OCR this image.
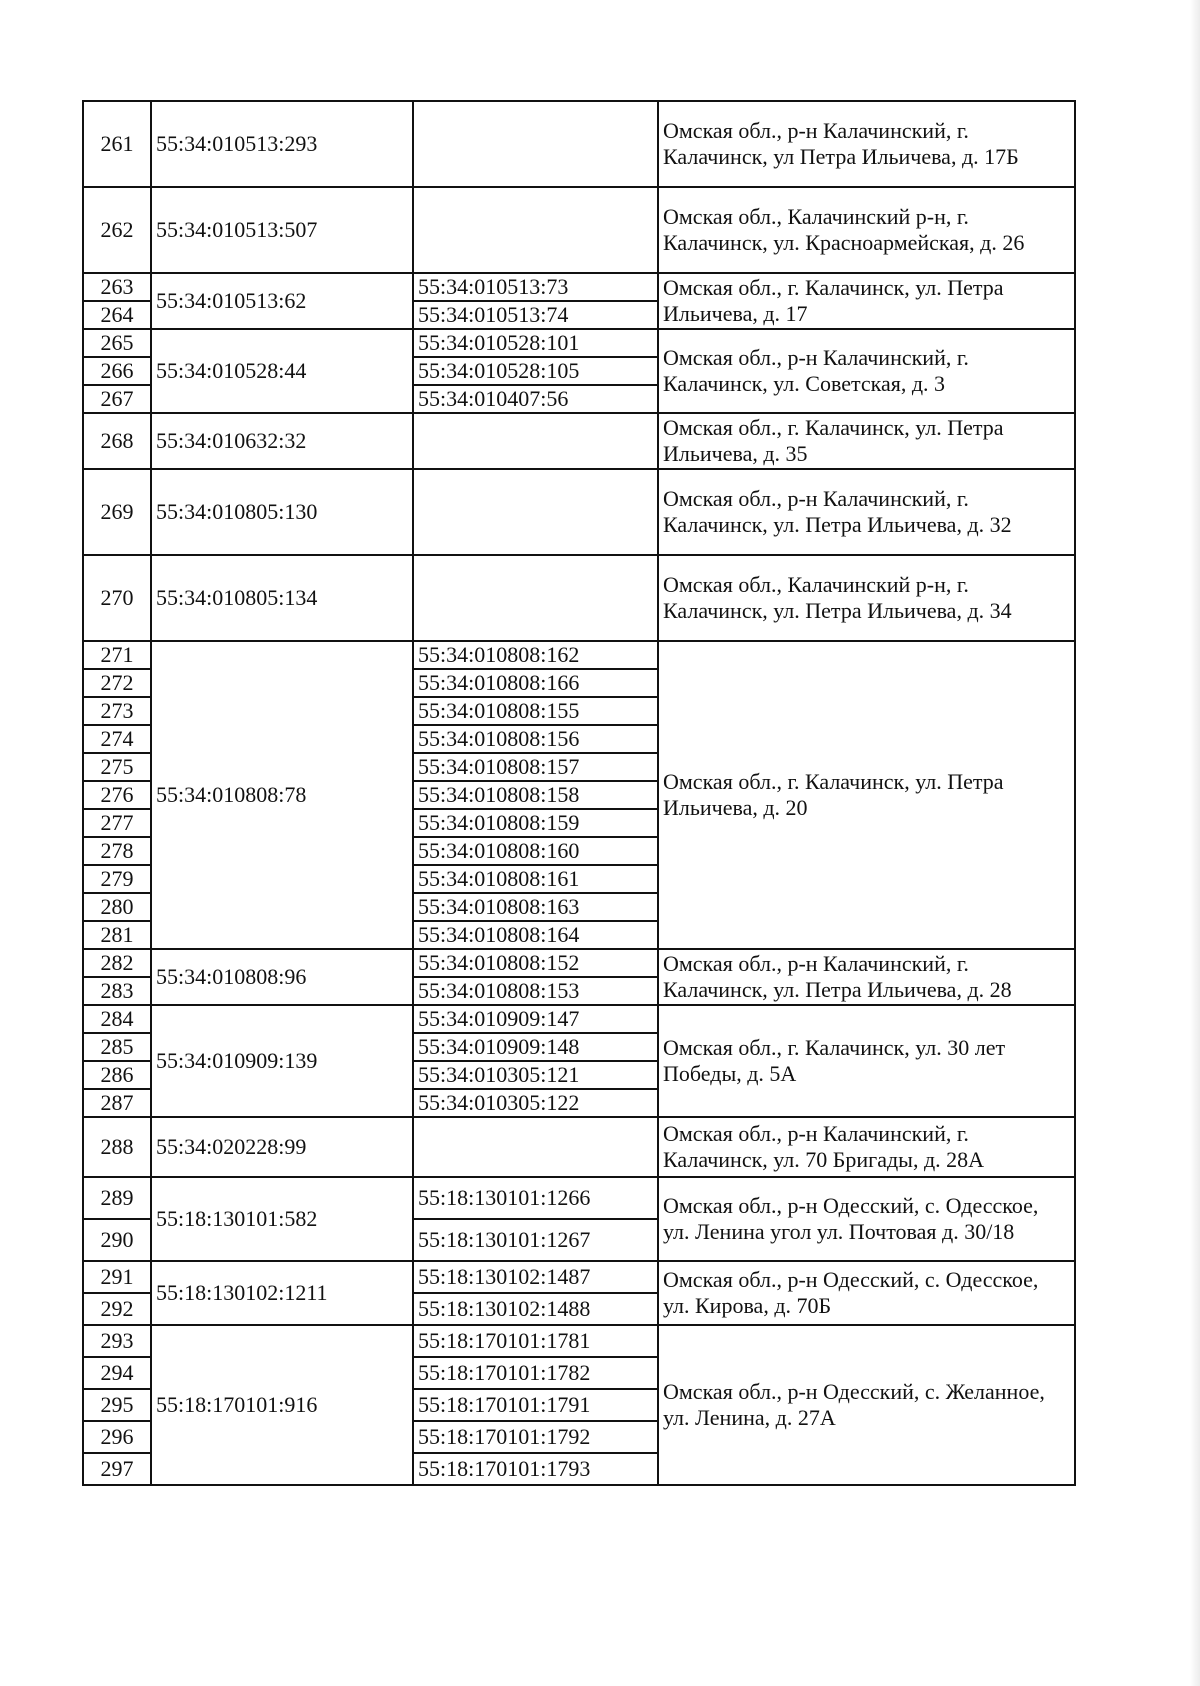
261	55:34:010513:293		Омская обл., р-н Калачинский, г. Калачинск, ул Петра Ильичева, д. 17Б
262	55:34:010513:507		Омская обл., Калачинский р-н, г. Калачинск, ул. Красноармейская, д. 26
263	55:34:010513:62	55:34:010513:73	Омская обл., г. Калачинск, ул. Петра Ильичева, д. 17
264		55:34:010513:74	
265	55:34:010528:44	55:34:010528:101	Омская обл., р-н Калачинский, г. Калачинск, ул. Советская, д. 3
266		55:34:010528:105	
267		55:34:010407:56	
268	55:34:010632:32		Омская обл., г. Калачинск, ул. Петра Ильичева, д. 35
269	55:34:010805:130		Омская обл., р-н Калачинский, г. Калачинск, ул. Петра Ильичева, д. 32
270	55:34:010805:134		Омская обл., Калачинский р-н, г. Калачинск, ул. Петра Ильичева, д. 34
271	55:34:010808:78	55:34:010808:162	Омская обл., г. Калачинск, ул. Петра Ильичева, д. 20
272		55:34:010808:166	
273		55:34:010808:155	
274		55:34:010808:156	
275		55:34:010808:157	
276		55:34:010808:158	
277		55:34:010808:159	
278		55:34:010808:160	
279		55:34:010808:161	
280		55:34:010808:163	
281		55:34:010808:164	
282	55:34:010808:96	55:34:010808:152	Омская обл., р-н Калачинский, г. Калачинск, ул. Петра Ильичева, д. 28
283		55:34:010808:153	
284	55:34:010909:139	55:34:010909:147	Омская обл., г. Калачинск, ул. 30 лет Победы, д. 5А
285		55:34:010909:148	
286		55:34:010305:121	
287		55:34:010305:122	
288	55:34:020228:99		Омская обл., р-н Калачинский, г. Калачинск, ул. 70 Бригады, д. 28А
289	55:18:130101:582	55:18:130101:1266	Омская обл., р-н Одесский, с. Одесское, ул. Ленина угол ул. Почтовая д. 30/18
290		55:18:130101:1267	
291	55:18:130102:1211	55:18:130102:1487	Омская обл., р-н Одесский, с. Одесское, ул. Кирова, д. 70Б
292		55:18:130102:1488	
293	55:18:170101:916	55:18:170101:1781	Омская обл., р-н Одесский, с. Желанное, ул. Ленина, д. 27А
294		55:18:170101:1782	
295		55:18:170101:1791	
296		55:18:170101:1792	
297		55:18:170101:1793	
